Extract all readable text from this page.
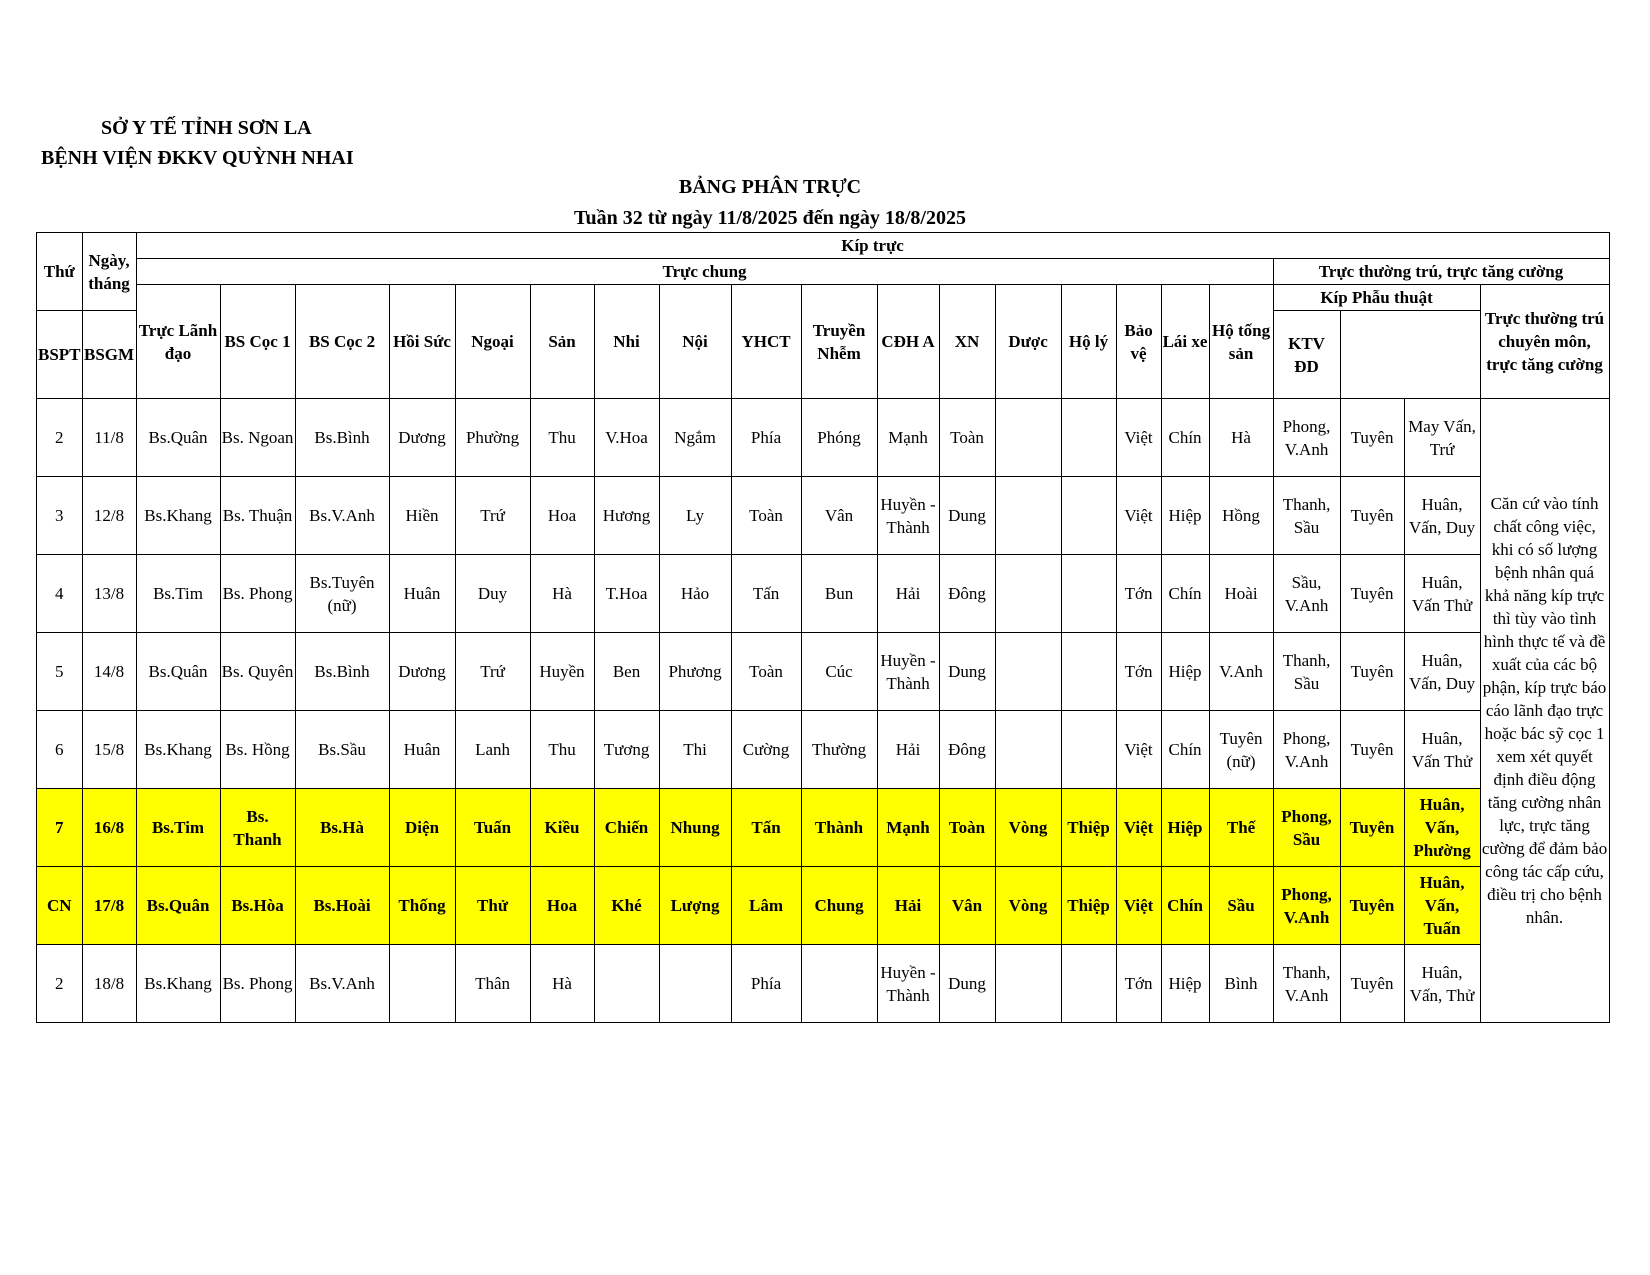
SỞ Y TẾ TỈNH SƠN LA
BỆNH VIỆN ĐKKV QUỲNH NHAI
BẢNG PHÂN TRỰC
Tuần 32 từ ngày 11/8/2025 đến ngày 18/8/2025
Thứ	Ngày, tháng	Kíp trực																				
		Trực chung																	Trực thường trú, trực tăng cường			
		Trực Lãnh đạo	BS Cọc 1	BS Cọc 2	Hồi Sức	Ngoại	Sản	Nhi	Nội	YHCT	Truyền Nhễm	CĐH A	XN	Dược	Hộ lý	Bảo vệ	Lái xe	Hộ tống sản	Kíp Phẫu thuật			Trực thường trú chuyên môn, trực tăng cường
BSPT	BSGM																		KTV ĐD			
2	11/8	Bs.Quân	Bs. Ngoan	Bs.Bình	Dương	Phường	Thu	V.Hoa	Ngắm	Phía	Phóng	Mạnh	Toàn			Việt	Chín	Hà	Phong, V.Anh	Tuyên	May Vấn, Trứ	Căn cứ vào tính chất công việc, khi có số lượng bệnh nhân quá khả năng kíp trực thì tùy vào tình hình thực tế và đề xuất của các bộ phận, kíp trực báo cáo lãnh đạo trực hoặc bác sỹ cọc 1 xem xét quyết định điều động tăng cường nhân lực, trực tăng cường để đảm bảo công tác cấp cứu, điều trị cho bệnh nhân.
3	12/8	Bs.Khang	Bs. Thuận	Bs.V.Anh	Hiền	Trứ	Hoa	Hương	Ly	Toàn	Vân	Huyền - Thành	Dung			Việt	Hiệp	Hồng	Thanh, Sầu	Tuyên	Huân, Vấn, Duy	
4	13/8	Bs.Tim	Bs. Phong	Bs.Tuyên (nữ)	Huân	Duy	Hà	T.Hoa	Hảo	Tấn	Bun	Hải	Đông			Tớn	Chín	Hoài	Sầu, V.Anh	Tuyên	Huân, Vấn Thử	
5	14/8	Bs.Quân	Bs. Quyên	Bs.Bình	Dương	Trứ	Huyền	Ben	Phương	Toàn	Cúc	Huyền - Thành	Dung			Tớn	Hiệp	V.Anh	Thanh, Sầu	Tuyên	Huân, Vấn, Duy	
6	15/8	Bs.Khang	Bs. Hồng	Bs.Sầu	Huân	Lanh	Thu	Tương	Thi	Cường	Thường	Hải	Đông			Việt	Chín	Tuyên (nữ)	Phong, V.Anh	Tuyên	Huân, Vấn Thử	
7	16/8	Bs.Tim	Bs. Thanh	Bs.Hà	Diện	Tuấn	Kiều	Chiến	Nhung	Tấn	Thành	Mạnh	Toàn	Vòng	Thiệp	Việt	Hiệp	Thế	Phong, Sầu	Tuyên	Huân, Vấn, Phường	
CN	17/8	Bs.Quân	Bs.Hòa	Bs.Hoài	Thống	Thử	Hoa	Khé	Lượng	Lâm	Chung	Hải	Vân	Vòng	Thiệp	Việt	Chín	Sầu	Phong, V.Anh	Tuyên	Huân, Vấn, Tuấn	
2	18/8	Bs.Khang	Bs. Phong	Bs.V.Anh		Thân	Hà			Phía		Huyền - Thành	Dung			Tớn	Hiệp	Bình	Thanh, V.Anh	Tuyên	Huân, Vấn, Thử	
